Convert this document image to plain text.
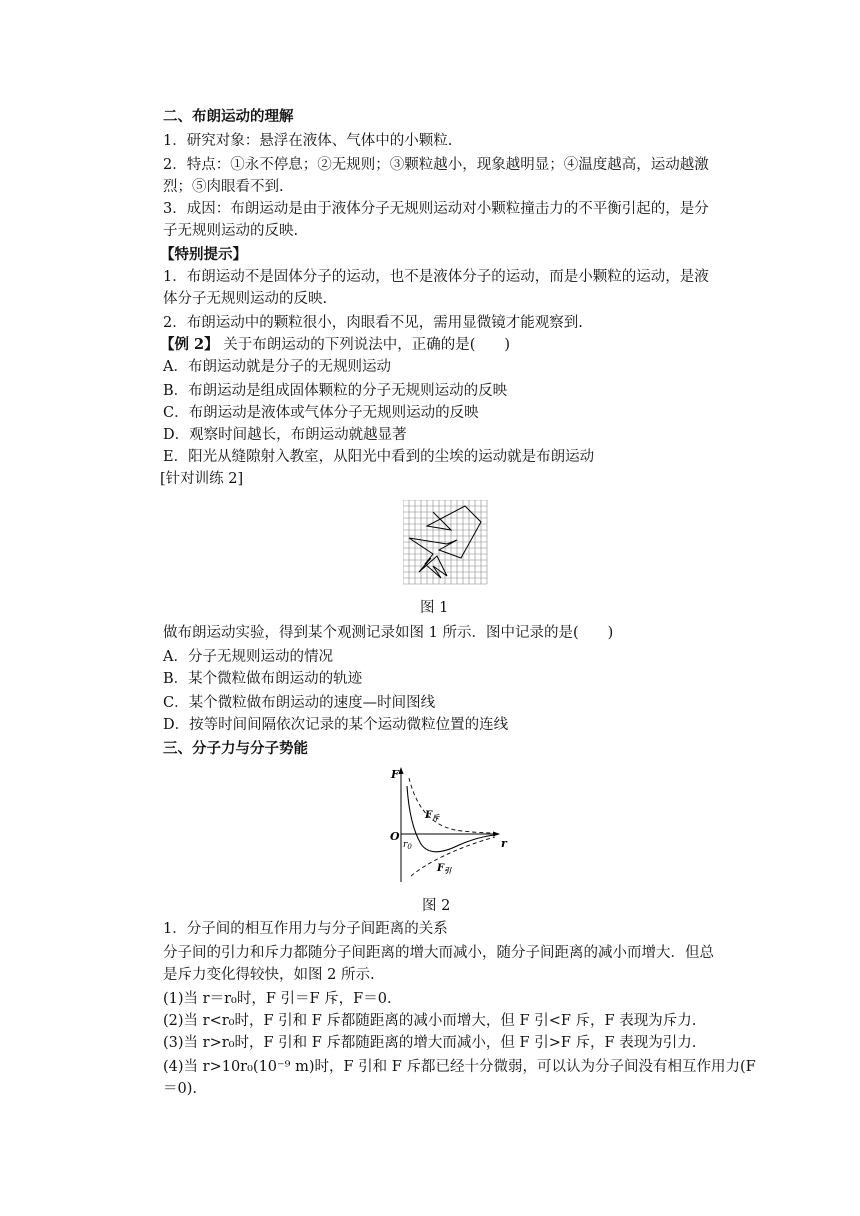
二、布朗运动的理解
1．研究对象：悬浮在液体、气体中的小颗粒.
2．特点：①永不停息；②无规则；③颗粒越小，现象越明显；④温度越高，运动越激
烈；⑤肉眼看不到.
3．成因：布朗运动是由于液体分子无规则运动对小颗粒撞击力的不平衡引起的，是分
子无规则运动的反映.
【特别提示】
1．布朗运动不是固体分子的运动，也不是液体分子的运动，而是小颗粒的运动，是液
体分子无规则运动的反映.
2．布朗运动中的颗粒很小，肉眼看不见，需用显微镜才能观察到.
【例 2】 关于布朗运动的下列说法中，正确的是(　　)
A．布朗运动就是分子的无规则运动
B．布朗运动是组成固体颗粒的分子无规则运动的反映
C．布朗运动是液体或气体分子无规则运动的反映
D．观察时间越长，布朗运动就越显著
E．阳光从缝隙射入教室，从阳光中看到的尘埃的运动就是布朗运动
[针对训练 2]
图 1
做布朗运动实验，得到某个观测记录如图 1 所示．图中记录的是(　　)
A．分子无规则运动的情况
B．某个微粒做布朗运动的轨迹
C．某个微粒做布朗运动的速度—时间图线
D．按等时间间隔依次记录的某个运动微粒位置的连线
三、分子力与分子势能
F
r
O
$r_0$
$F_斥$
$F_引$
图 2
1．分子间的相互作用力与分子间距离的关系
分子间的引力和斥力都随分子间距离的增大而减小，随分子间距离的减小而增大．但总
是斥力变化得较快，如图 2 所示.
(1)当 r＝r₀时，F 引＝F 斥，F＝0.
(2)当 r<r₀时，F 引和 F 斥都随距离的减小而增大，但 F 引<F 斥，F 表现为斥力.
(3)当 r>r₀时，F 引和 F 斥都随距离的增大而减小，但 F 引>F 斥，F 表现为引力.
(4)当 r>10r₀(10⁻⁹ m)时，F 引和 F 斥都已经十分微弱，可以认为分子间没有相互作用力(F
＝0).
